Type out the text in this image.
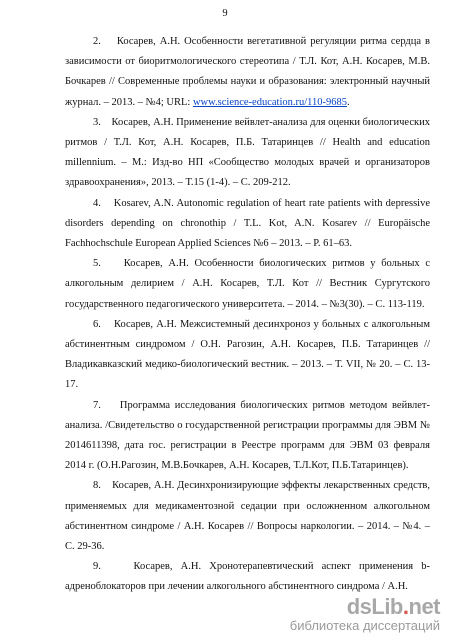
9

2.    Косарев, А.Н. Особенности вегетативной регуляции ритма сердца в зависимости от биоритмологического стереотипа / Т.Л. Кот, А.Н. Косарев, М.В. Бочкарев // Современные проблемы науки и образования: электронный научный журнал. – 2013. – №4; URL: www.science-education.ru/110-9685.

3.    Косарев, А.Н. Применение вейвлет-анализа для оценки биологических ритмов / Т.Л. Кот, А.Н. Косарев, П.Б. Татаринцев // Health and education millennium. – М.: Изд-во НП «Сообщество молодых врачей и организаторов здравоохранения», 2013. – Т.15 (1-4). – С. 209-212.

4.    Kosarev, A.N. Autonomic regulation of heart rate patients with depressive disorders depending on chronothip / T.L. Kot, A.N. Kosarev // Europäische Fachhochschule European Applied Sciences №6 – 2013. – P. 61–63.

5.    Косарев, А.Н. Особенности биологических ритмов у больных с алкогольным делирием / А.Н. Косарев, Т.Л. Кот // Вестник Сургутского государственного педагогического университета. – 2014. – №3(30). – С. 113-119.

6.    Косарев, А.Н. Межсистемный десинхроноз у больных с алкогольным абстинентным синдромом / О.Н. Рагозин, А.Н. Косарев, П.Б. Татаринцев // Владикавказский медико-биологический вестник. – 2013. – Т. VII, № 20. – С. 13-17.

7.    Программа исследования биологических ритмов методом вейвлет-анализа. /Свидетельство о государственной регистрации программы для ЭВМ № 2014611398, дата гос. регистрации в Реестре программ для ЭВМ 03 февраля 2014 г. (О.Н.Рагозин, М.В.Бочкарев, А.Н. Косарев, Т.Л.Кот, П.Б.Татаринцев).

8.    Косарев, А.Н. Десинхронизирующие эффекты лекарственных средств, применяемых для медикаментозной седации при осложненном алкогольном абстинентном синдроме / А.Н. Косарев // Вопросы наркологии. – 2014. – №4. – С. 29-36.

9.    Косарев, А.Н. Хронотерапевтический аспект применения b-адреноблокаторов при лечении алкогольного абстинентного синдрома / А.Н.

dsLib.net
библиотека диссертаций
